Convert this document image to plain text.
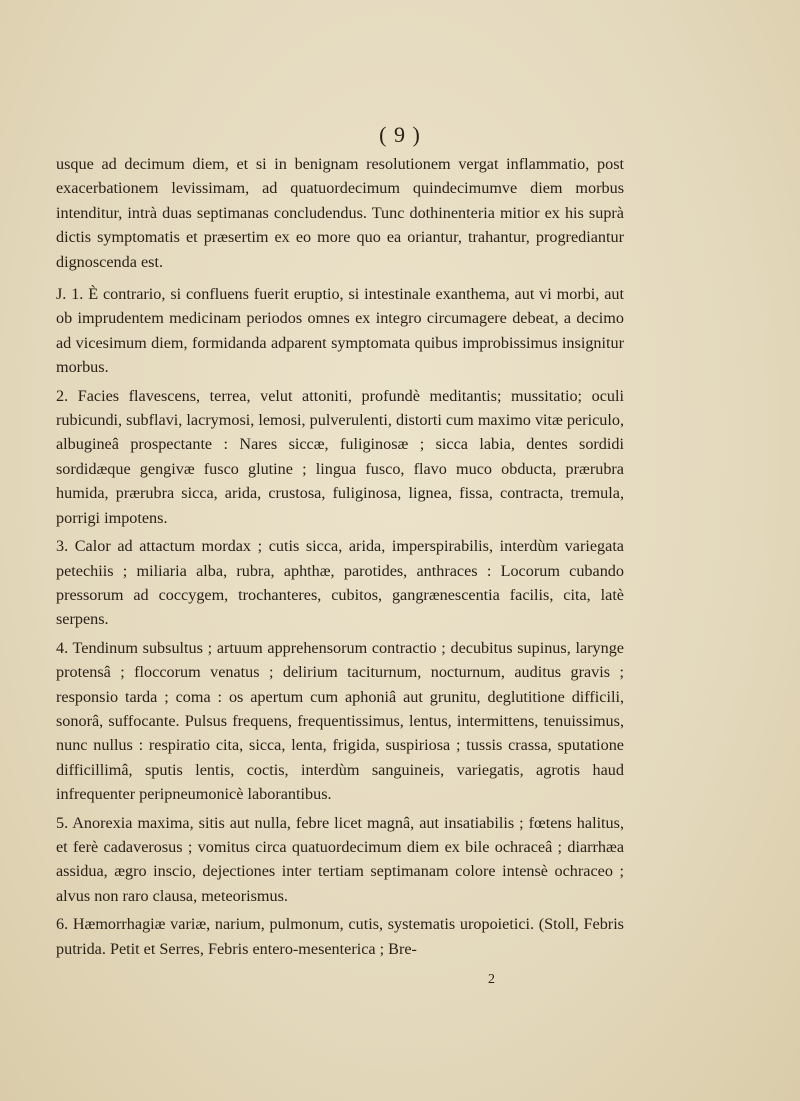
( 9 )

usque ad decimum diem, et si in benignam resolutionem vergat inflammatio, post exacerbationem levissimam, ad quatuordecimum quindecimumve diem morbus intenditur, intrà duas septimanas concludendus. Tunc dothinenteria mitior ex his suprà dictis symptomatis et præsertim ex eo more quo ea oriantur, trahantur, progrediantur dignoscenda est.

J. 1. È contrario, si confluens fuerit eruptio, si intestinale exanthema, aut vi morbi, aut ob imprudentem medicinam periodos omnes ex integro circumagere debeat, a decimo ad vicesimum diem, formidanda adparent symptomata quibus improbissimus insignitur morbus.

2. Facies flavescens, terrea, velut attoniti, profundè meditantis; mussitatio; oculi rubicundi, subflavi, lacrymosi, lemosi, pulverulenti, distorti cum maximo vitæ periculo, albugineâ prospectante : Nares siccæ, fuliginosæ ; sicca labia, dentes sordidi sordidæque gengivæ fusco glutine ; lingua fusco, flavo muco obducta, prærubra humida, prærubra sicca, arida, crustosa, fuliginosa, lignea, fissa, contracta, tremula, porrigi impotens.

3. Calor ad attactum mordax ; cutis sicca, arida, imperspirabilis, interdùm variegata petechiis ; miliaria alba, rubra, aphthæ, parotides, anthraces : Locorum cubando pressorum ad coccygem, trochanteres, cubitos, gangrænescentia facilis, cita, latè serpens.

4. Tendinum subsultus ; artuum apprehensorum contractio ; decubitus supinus, larynge protensâ ; floccorum venatus ; delirium taciturnum, nocturnum, auditus gravis ; responsio tarda ; coma : os apertum cum aphoniâ aut grunitu, deglutitione difficili, sonorâ, suffocante. Pulsus frequens, frequentissimus, lentus, intermittens, tenuissimus, nunc nullus : respiratio cita, sicca, lenta, frigida, suspiriosa ; tussis crassa, sputatione difficillimâ, sputis lentis, coctis, interdùm sanguineis, variegatis, agrotis haud infrequenter peripneumonicè laborantibus.

5. Anorexia maxima, sitis aut nulla, febre licet magnâ, aut insatiabilis ; fœtens halitus, et ferè cadaverosus ; vomitus circa quatuordecimum diem ex bile ochraceâ ; diarrhæa assidua, ægro inscio, dejectiones inter tertiam septimanam colore intensè ochraceo ; alvus non raro clausa, meteorismus.

6. Hæmorrhagiæ variæ, narium, pulmonum, cutis, systematis uropoietici. (Stoll, Febris putrida. Petit et Serres, Febris entero-mesenterica ; Bre-

2
